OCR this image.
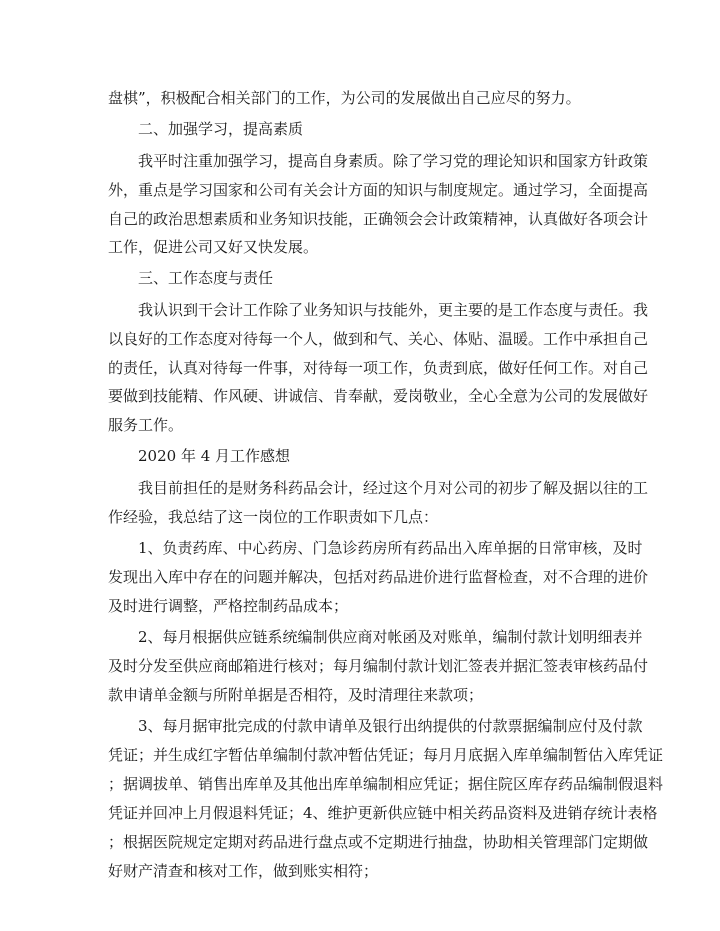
盘棋”，积极配合相关部门的工作，为公司的发展做出自己应尽的努力。
二、加强学习，提高素质
我平时注重加强学习，提高自身素质。除了学习党的理论知识和国家方针政策
外，重点是学习国家和公司有关会计方面的知识与制度规定。通过学习，全面提高
自己的政治思想素质和业务知识技能，正确领会会计政策精神，认真做好各项会计
工作，促进公司又好又快发展。
三、工作态度与责任
我认识到干会计工作除了业务知识与技能外，更主要的是工作态度与责任。我
以良好的工作态度对待每一个人，做到和气、关心、体贴、温暖。工作中承担自己
的责任，认真对待每一件事，对待每一项工作，负责到底，做好任何工作。对自己
要做到技能精、作风硬、讲诚信、肯奉献，爱岗敬业，全心全意为公司的发展做好
服务工作。
2020 年 4 月工作感想
我目前担任的是财务科药品会计，经过这个月对公司的初步了解及据以往的工
作经验，我总结了这一岗位的工作职责如下几点：
1、负责药库、中心药房、门急诊药房所有药品出入库单据的日常审核，及时
发现出入库中存在的问题并解决，包括对药品进价进行监督检查，对不合理的进价
及时进行调整，严格控制药品成本；
2、每月根据供应链系统编制供应商对帐函及对账单，编制付款计划明细表并
及时分发至供应商邮箱进行核对；每月编制付款计划汇签表并据汇签表审核药品付
款申请单金额与所附单据是否相符，及时清理往来款项；
3、每月据审批完成的付款申请单及银行出纳提供的付款票据编制应付及付款
凭证；并生成红字暂估单编制付款冲暂估凭证；每月月底据入库单编制暂估入库凭证
；据调拔单、销售出库单及其他出库单编制相应凭证；据住院区库存药品编制假退料
凭证并回冲上月假退料凭证；4、维护更新供应链中相关药品资料及进销存统计表格
；根据医院规定定期对药品进行盘点或不定期进行抽盘，协助相关管理部门定期做
好财产清查和核对工作，做到账实相符；
